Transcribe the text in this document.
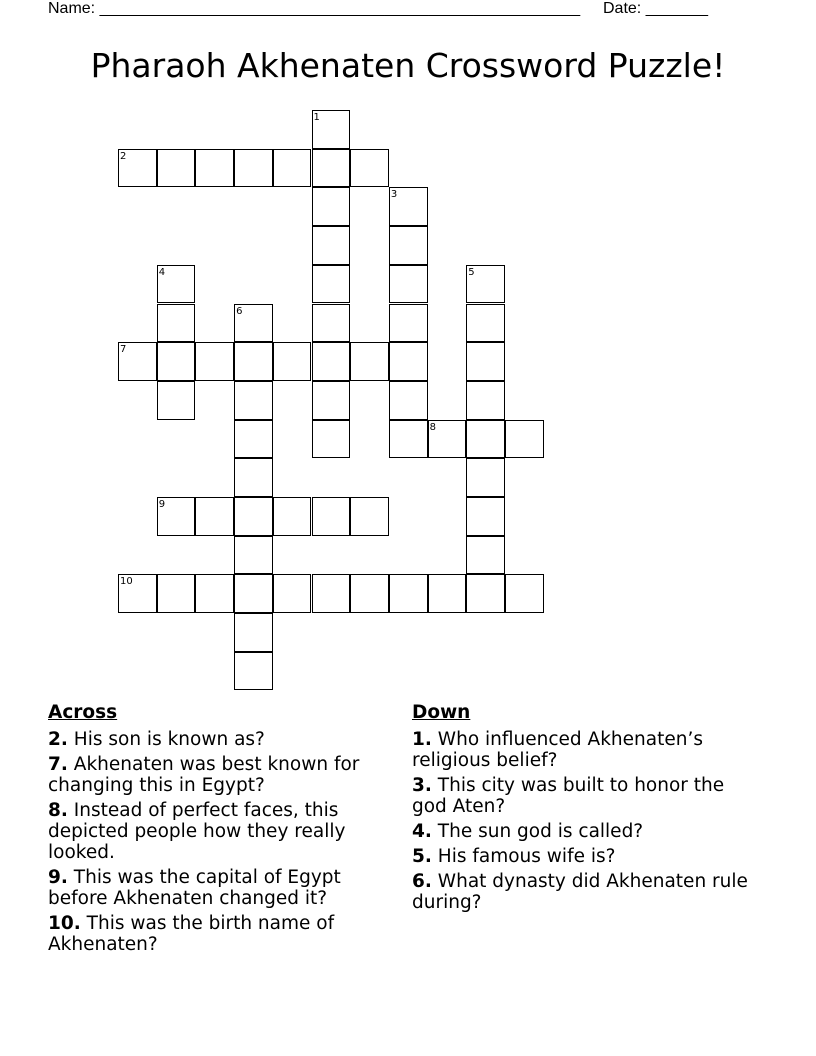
Name: ______________________________________________________ Date: _______
Pharaoh Akhenaten Crossword Puzzle!
1
2
3
4	5
6
7
8
9
10
Across
2. His son is known as?
7. Akhenaten was best known for changing this in Egypt?
8. Instead of perfect faces, this depicted people how they really looked.
9. This was the capital of Egypt before Akhenaten changed it?
10. This was the birth name of Akhenaten?
Down
1. Who influenced Akhenaten’s religious belief?
3. This city was built to honor the god Aten?
4. The sun god is called?
5. His famous wife is?
6. What dynasty did Akhenaten rule during?
